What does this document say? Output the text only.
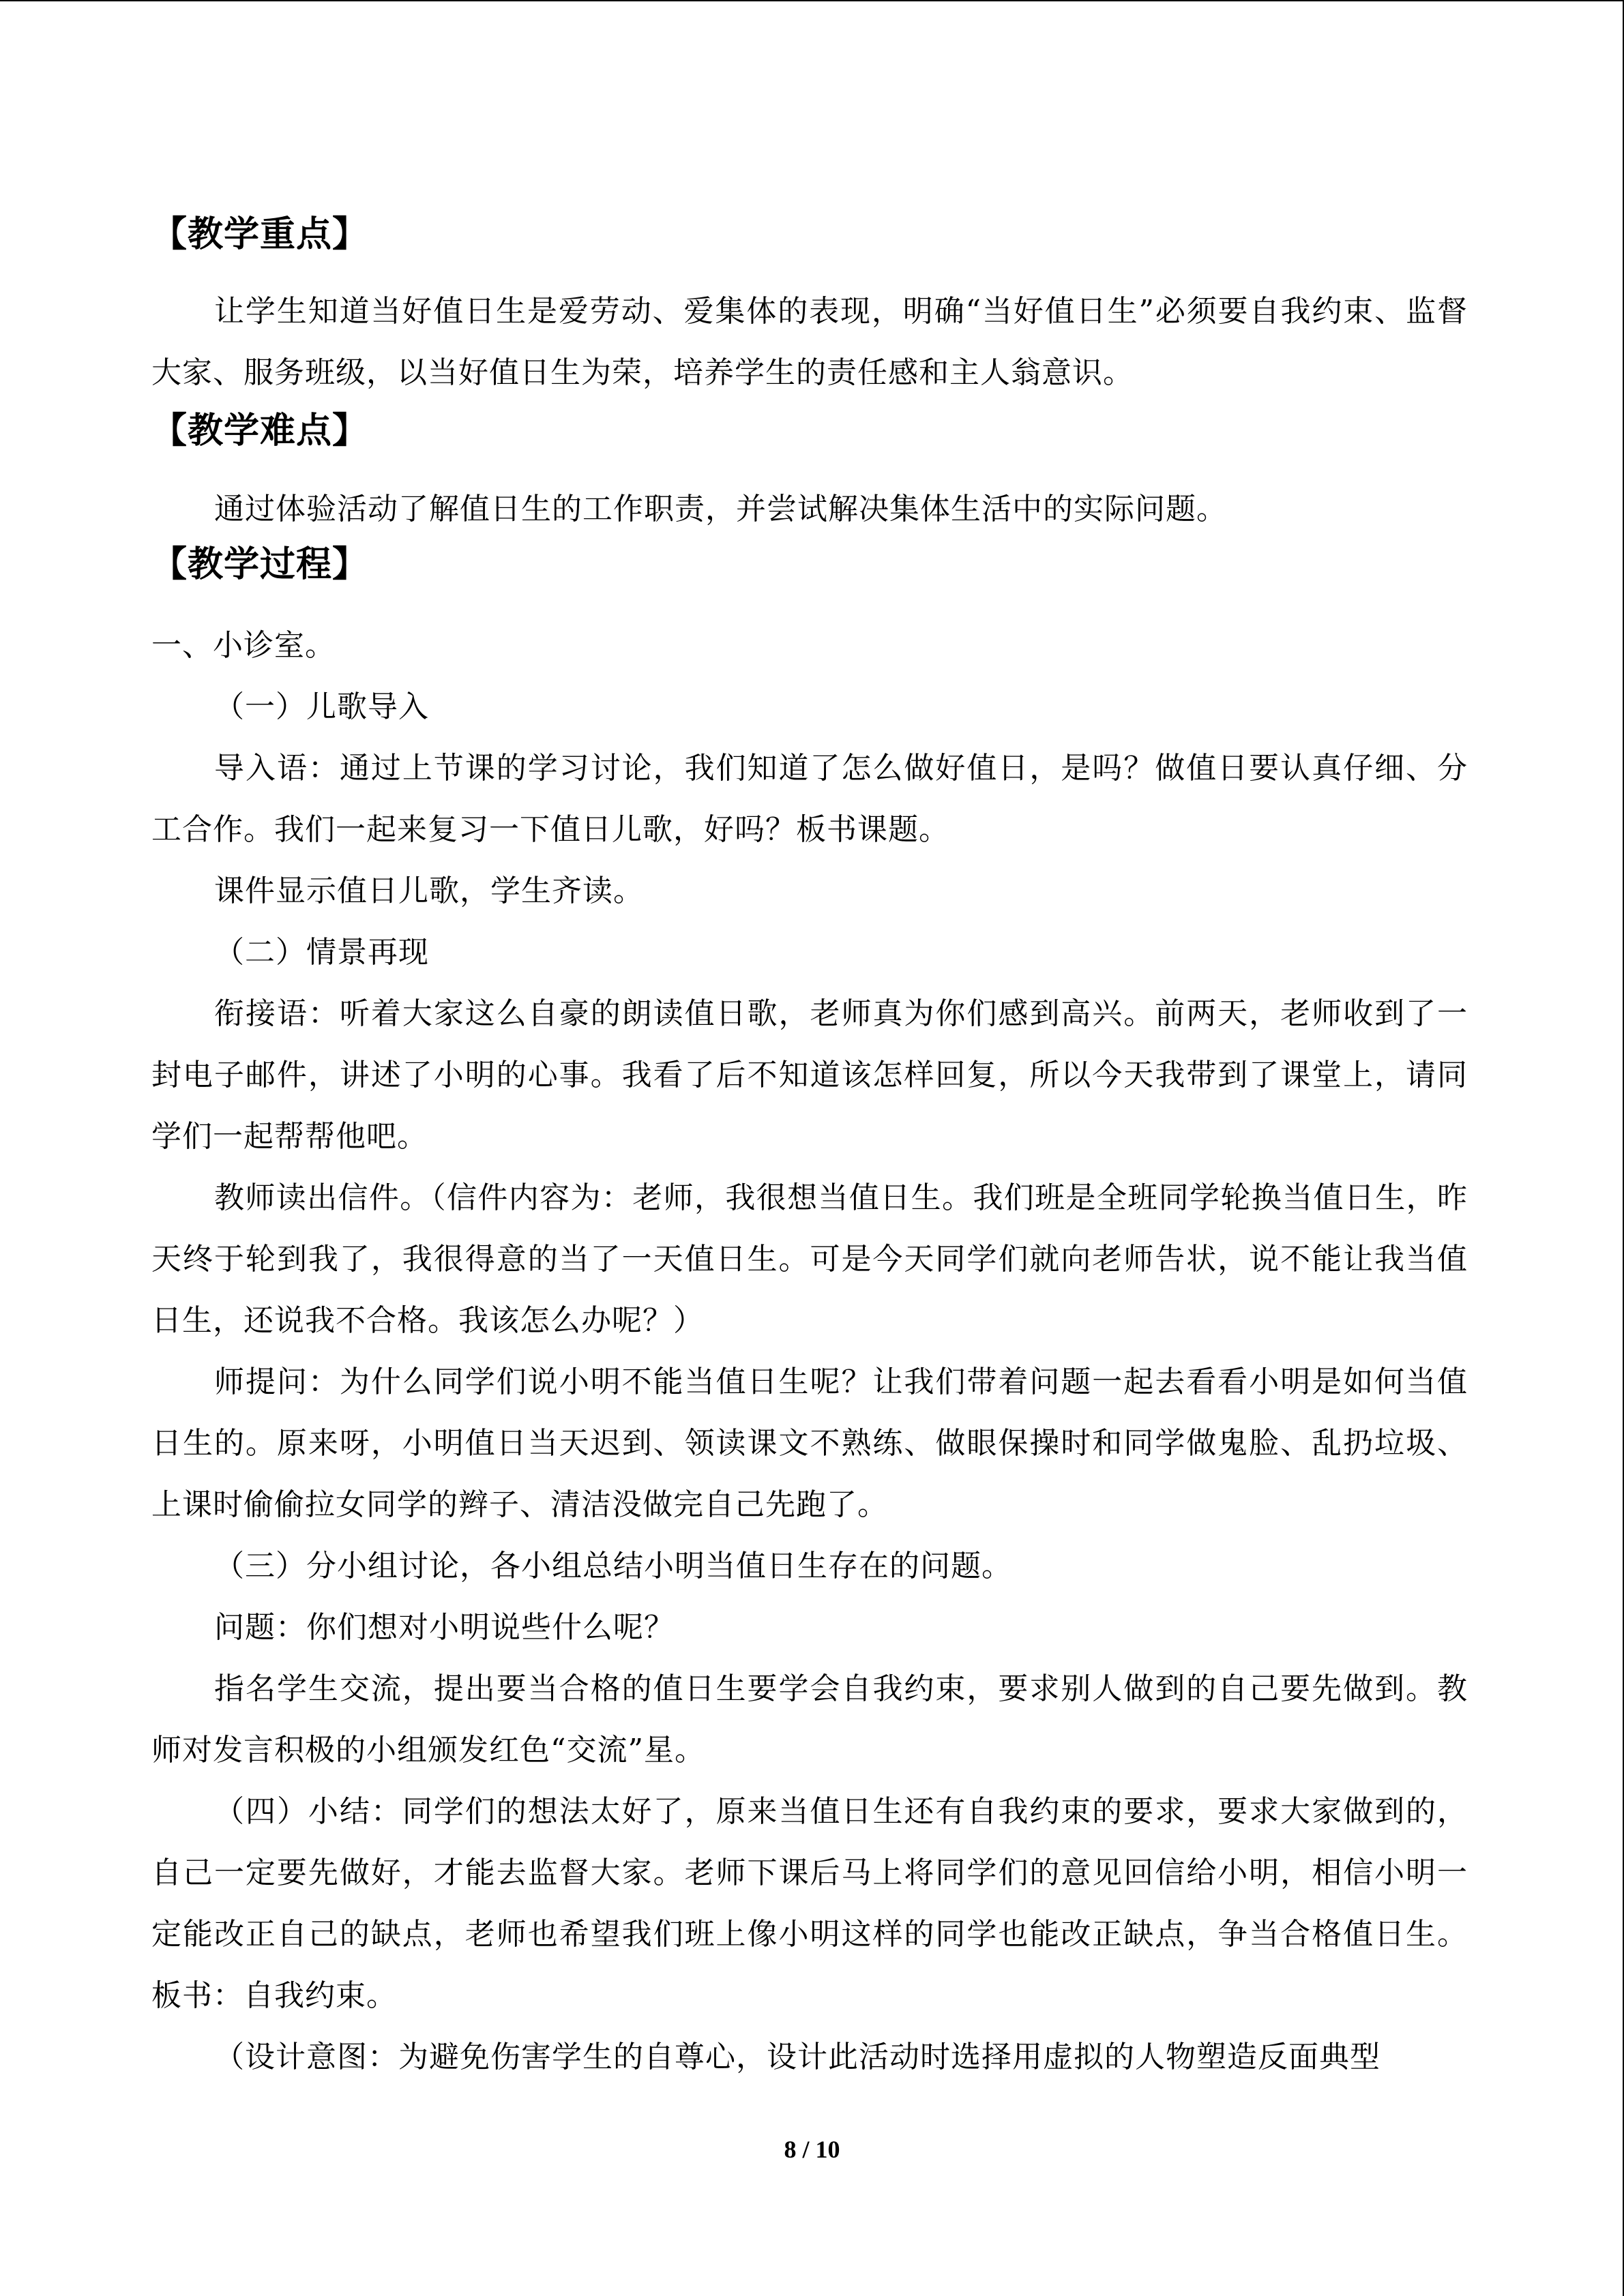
【教学重点】

让学生知道当好值日生是爱劳动、爱集体的表现，明确“当好值日生”必须要自我约束、监督大家、服务班级，以当好值日生为荣，培养学生的责任感和主人翁意识。

【教学难点】

通过体验活动了解值日生的工作职责，并尝试解决集体生活中的实际问题。

【教学过程】

一、小诊室。

（一）儿歌导入

导入语：通过上节课的学习讨论，我们知道了怎么做好值日，是吗？做值日要认真仔细、分工合作。我们一起来复习一下值日儿歌，好吗？板书课题。

课件显示值日儿歌，学生齐读。

（二）情景再现

衔接语：听着大家这么自豪的朗读值日歌，老师真为你们感到高兴。前两天，老师收到了一封电子邮件，讲述了小明的心事。我看了后不知道该怎样回复，所以今天我带到了课堂上，请同学们一起帮帮他吧。

教师读出信件。（信件内容为：老师，我很想当值日生。我们班是全班同学轮换当值日生，昨天终于轮到我了，我很得意的当了一天值日生。可是今天同学们就向老师告状，说不能让我当值日生，还说我不合格。我该怎么办呢？）

师提问：为什么同学们说小明不能当值日生呢？让我们带着问题一起去看看小明是如何当值日生的。原来呀，小明值日当天迟到、领读课文不熟练、做眼保操时和同学做鬼脸、乱扔垃圾、上课时偷偷拉女同学的辫子、清洁没做完自己先跑了。

（三）分小组讨论，各小组总结小明当值日生存在的问题。

问题：你们想对小明说些什么呢？

指名学生交流，提出要当合格的值日生要学会自我约束，要求别人做到的自己要先做到。教师对发言积极的小组颁发红色“交流”星。

（四）小结：同学们的想法太好了，原来当值日生还有自我约束的要求，要求大家做到的，自己一定要先做好，才能去监督大家。老师下课后马上将同学们的意见回信给小明，相信小明一定能改正自己的缺点，老师也希望我们班上像小明这样的同学也能改正缺点，争当合格值日生。板书：自我约束。

（设计意图：为避免伤害学生的自尊心，设计此活动时选择用虚拟的人物塑造反面典型

8 / 10
